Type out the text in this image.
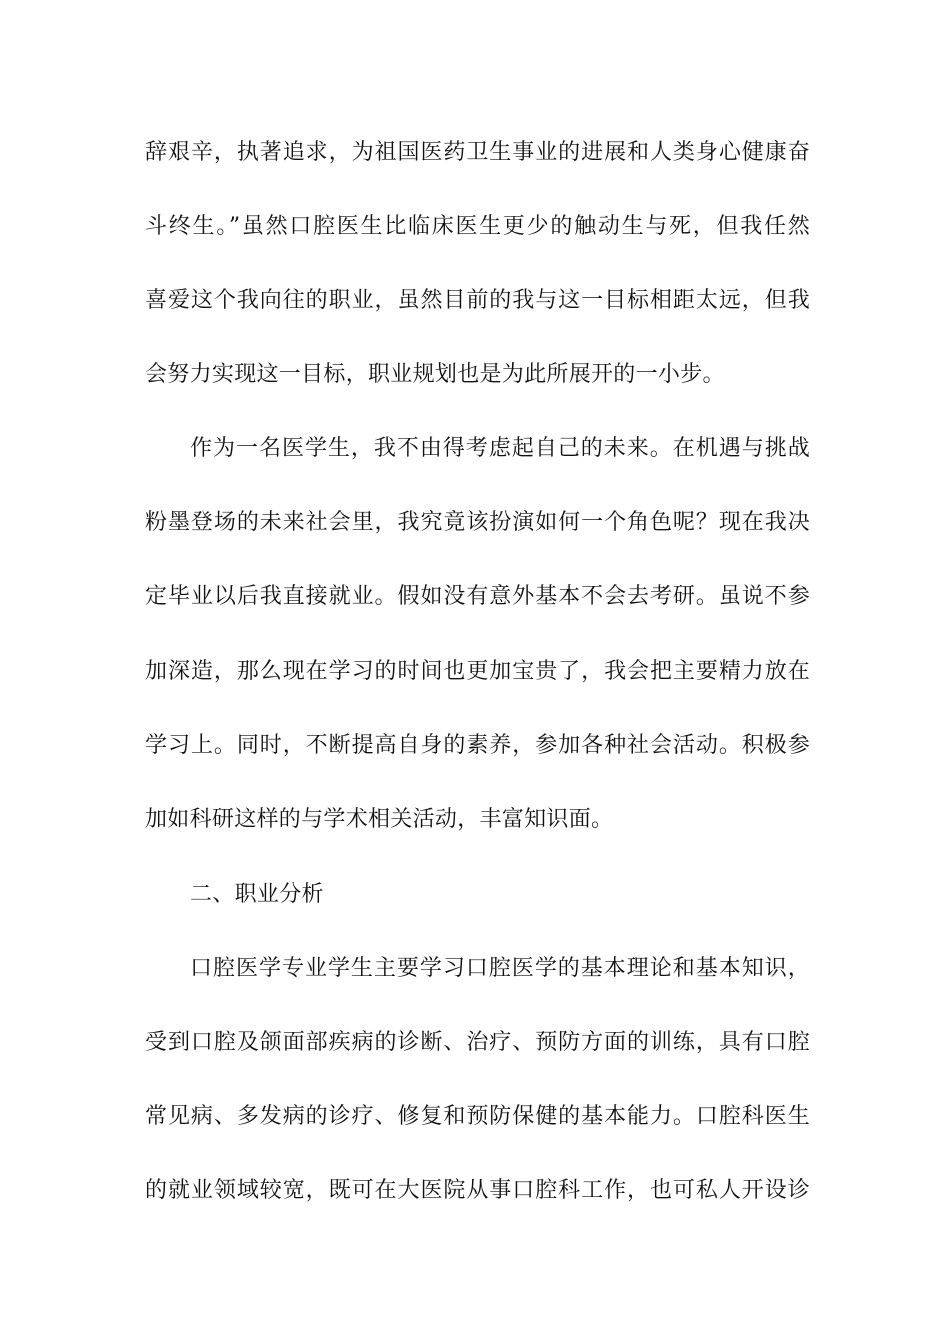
辞艰辛，执著追求，为祖国医药卫生事业的进展和人类身心健康奋
斗终生。”虽然口腔医生比临床医生更少的触动生与死，但我任然
喜爱这个我向往的职业，虽然目前的我与这一目标相距太远，但我
会努力实现这一目标，职业规划也是为此所展开的一小步。
作为一名医学生，我不由得考虑起自己的未来。在机遇与挑战
粉墨登场的未来社会里，我究竟该扮演如何一个角色呢？现在我决
定毕业以后我直接就业。假如没有意外基本不会去考研。虽说不参
加深造，那么现在学习的时间也更加宝贵了，我会把主要精力放在
学习上。同时，不断提高自身的素养，参加各种社会活动。积极参
加如科研这样的与学术相关活动，丰富知识面。
二、职业分析
口腔医学专业学生主要学习口腔医学的基本理论和基本知识，
受到口腔及颌面部疾病的诊断、治疗、预防方面的训练，具有口腔
常见病、多发病的诊疗、修复和预防保健的基本能力。口腔科医生
的就业领域较宽，既可在大医院从事口腔科工作，也可私人开设诊
